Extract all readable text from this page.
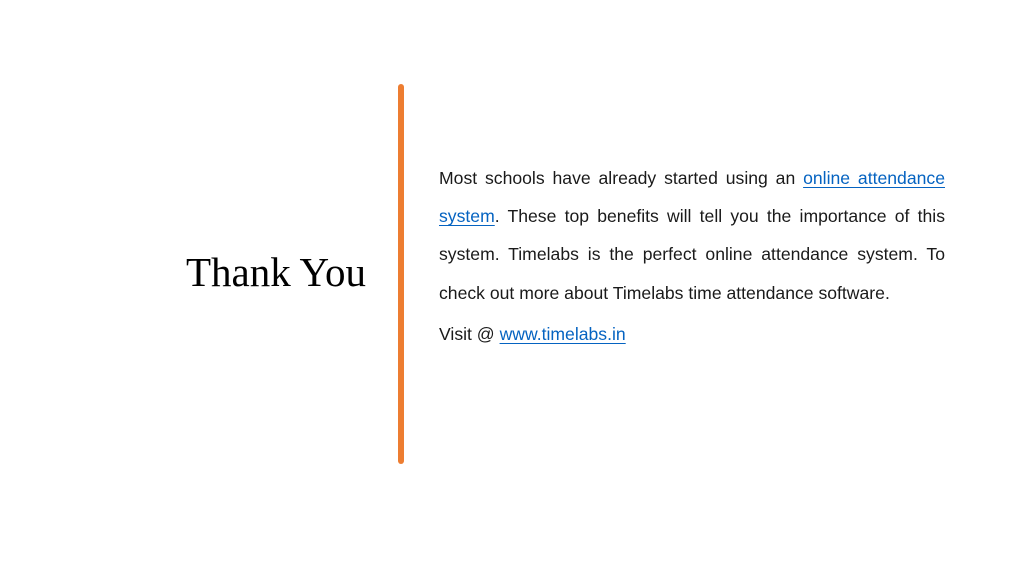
Thank You

Most schools have already started using an online attendance system. These top benefits will tell you the importance of this system. Timelabs is the perfect online attendance system. To check out more about Timelabs time attendance software.

Visit @ www.timelabs.in
